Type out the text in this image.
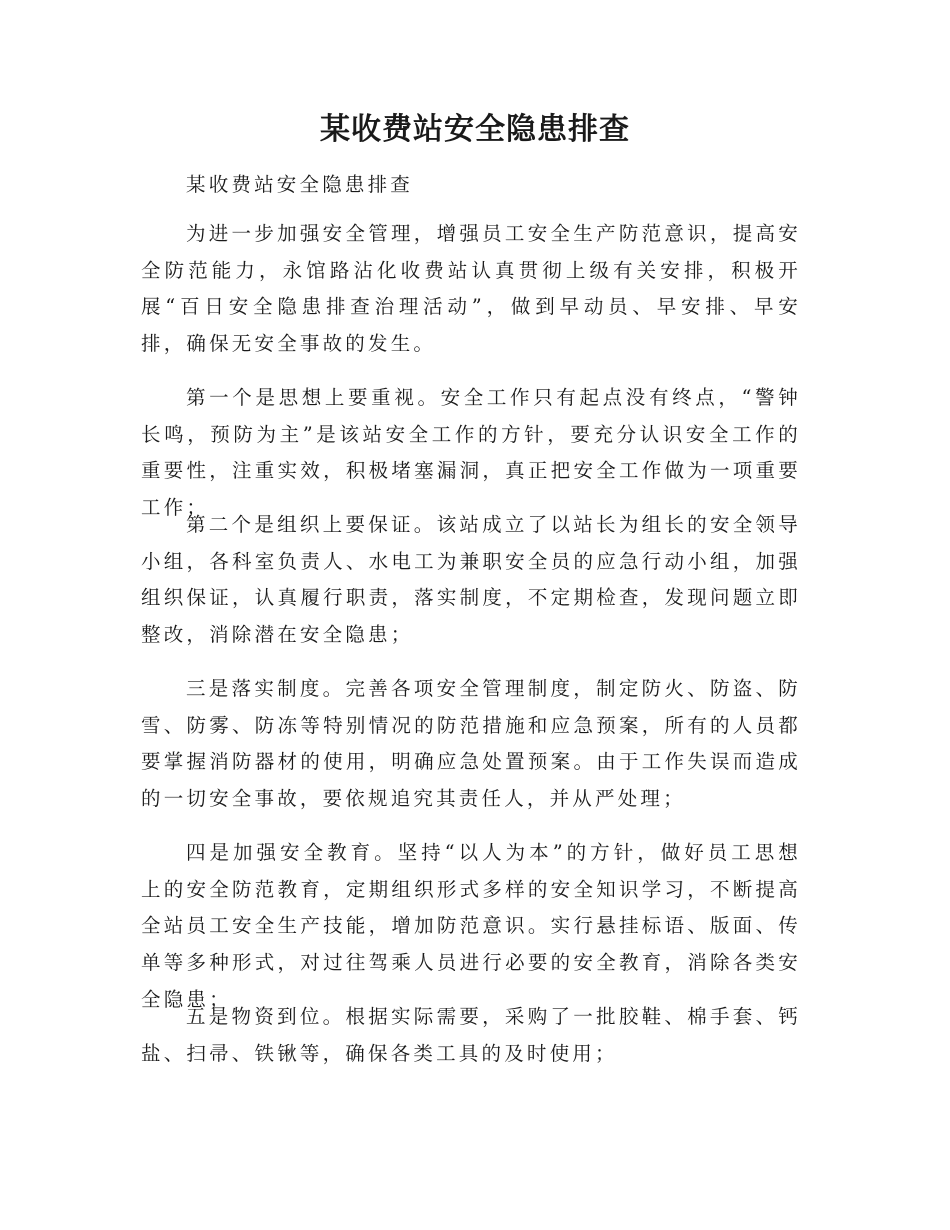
某收费站安全隐患排查

某收费站安全隐患排查

为进一步加强安全管理，增强员工安全生产防范意识，提高安全防范能力，永馆路沾化收费站认真贯彻上级有关安排，积极开展“百日安全隐患排查治理活动”，做到早动员、早安排、早安排，确保无安全事故的发生。

第一个是思想上要重视。安全工作只有起点没有终点，“警钟长鸣，预防为主”是该站安全工作的方针，要充分认识安全工作的重要性，注重实效，积极堵塞漏洞，真正把安全工作做为一项重要工作；

第二个是组织上要保证。该站成立了以站长为组长的安全领导小组，各科室负责人、水电工为兼职安全员的应急行动小组，加强组织保证，认真履行职责，落实制度，不定期检查，发现问题立即整改，消除潜在安全隐患；

三是落实制度。完善各项安全管理制度，制定防火、防盗、防雪、防雾、防冻等特别情况的防范措施和应急预案，所有的人员都要掌握消防器材的使用，明确应急处置预案。由于工作失误而造成的一切安全事故，要依规追究其责任人，并从严处理；

四是加强安全教育。坚持“以人为本”的方针，做好员工思想上的安全防范教育，定期组织形式多样的安全知识学习，不断提高全站员工安全生产技能，增加防范意识。实行悬挂标语、版面、传单等多种形式，对过往驾乘人员进行必要的安全教育，消除各类安全隐患；

五是物资到位。根据实际需要，采购了一批胶鞋、棉手套、钙盐、扫帚、铁锹等，确保各类工具的及时使用；
